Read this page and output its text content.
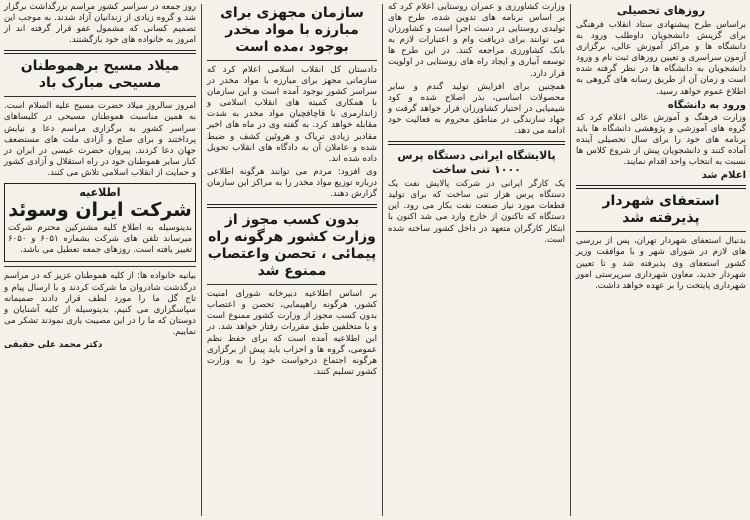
روزهای تحصیلی

براساس طرح پیشنهادی ستاد انقلاب فرهنگی برای گزینش دانشجویان داوطلب ورود به دانشگاه ها و مراکز آموزش عالی، برگزاری آزمون سراسری و تعیین روزهای ثبت نام و ورود دانشجویان به دانشگاه ها در نظر گرفته شده است و زمان آن از طریق رسانه های گروهی به اطلاع عموم خواهد رسید.

ورود به دانشگاه

وزارت فرهنگ و آموزش عالی اعلام کرد که گروه های آموزشی و پژوهشی دانشگاه ها باید برنامه های خود را برای سال تحصیلی آینده آماده کنند و دانشجویان پیش از شروع کلاس ها نسبت به انتخاب واحد اقدام نمایند.

اعلام شد
استعفای شهردار پذیرفته شد

بدنبال استعفای شهردار تهران، پس از بررسی های لازم در شورای شهر و با موافقت وزیر کشور استعفای وی پذیرفته شد و تا تعیین شهردار جدید، معاون شهرداری سرپرستی امور شهرداری پایتخت را بر عهده خواهد داشت.

وزارت کشاورزی و عمران روستایی اعلام کرد که بر اساس برنامه های تدوین شده، طرح های تولیدی روستایی در دست اجرا است و کشاورزان می توانند برای دریافت وام و اعتبارات لازم به بانک کشاورزی مراجعه کنند. در این طرح ها توسعه آبیاری و ایجاد راه های روستایی در اولویت قرار دارد.

همچنین برای افزایش تولید گندم و سایر محصولات اساسی، بذر اصلاح شده و کود شیمیایی در اختیار کشاورزان قرار خواهد گرفت و جهاد سازندگی در مناطق محروم به فعالیت خود ادامه می دهد.

پالایشگاه ایرانی دستگاه پرس ۱۰۰۰ تنی ساخت

یک کارگر ایرانی در شرکت پالایش نفت یک دستگاه پرس هزار تنی ساخت که برای تولید قطعات مورد نیاز صنعت نفت بکار می رود. این دستگاه که تاکنون از خارج وارد می شد اکنون با ابتکار کارگران متعهد در داخل کشور ساخته شده است.

سازمان مجهزی برای مبارزه با مواد مخدر بوجود ،مده است

دادستان کل انقلاب اسلامی اعلام کرد که سازمانی مجهز برای مبارزه با مواد مخدر در سراسر کشور بوجود آمده است و این سازمان با همکاری کمیته های انقلاب اسلامی و ژاندارمری با قاچاقچیان مواد مخدر به شدت مقابله خواهد کرد. به گفته وی در ماه های اخیر مقادیر زیادی تریاک و هروئین کشف و ضبط شده و عاملان آن به دادگاه های انقلاب تحویل داده شده اند.

وی افزود: مردم می توانند هرگونه اطلاعی درباره توزیع مواد مخدر را به مراکز این سازمان گزارش دهند.

بدون کسب مجوز از وزارت کشور هرگونه راه پیمائی ، تحصن واعتصاب ممنوع شد

بر اساس اطلاعیه دبیرخانه شورای امنیت کشور، هرگونه راهپیمایی، تحصن و اعتصاب بدون کسب مجوز از وزارت کشور ممنوع است و با متخلفین طبق مقررات رفتار خواهد شد. در این اطلاعیه آمده است که برای حفظ نظم عمومی، گروه ها و احزاب باید پیش از برگزاری هرگونه اجتماع درخواست خود را به وزارت کشور تسلیم کنند.

روز جمعه در سراسر کشور مراسم بزرگداشت برگزار شد و گروه زیادی از زندانیان آزاد شدند. به موجب این تصمیم کسانی که مشمول عفو قرار گرفته اند از امروز به خانواده های خود بازگشتند.

میلاد مسیح برهموطنان مسیحی مبارک باد

امروز سالروز میلاد حضرت مسیح علیه السلام است. به همین مناسبت هموطنان مسیحی در کلیساهای سراسر کشور به برگزاری مراسم دعا و نیایش پرداختند و برای صلح و آزادی ملت های مستضعف جهان دعا کردند. پیروان حضرت عیسی در ایران در کنار سایر هموطنان خود در راه استقلال و آزادی کشور و حمایت از انقلاب اسلامی تلاش می کنند.

اطلاعیه
شرکت ایران وسوئد

بدینوسیله به اطلاع کلیه مشترکین محترم شرکت میرساند تلفن های شرکت بشماره ۶۰۵۱ و ۶۰۵۰ تغییر یافته است. روزهای جمعه تعطیل می باشد.

بیانیه خانواده ها: از کلیه هموطنان عزیز که در مراسم درگذشت شادروان ما شرکت کردند و با ارسال پیام و تاج گل ما را مورد لطف قرار دادند صمیمانه سپاسگزاری می کنیم. بدینوسیله از کلیه آشنایان و دوستان که ما را در این مصیبت یاری نمودند تشکر می نماییم.

دکتر محمد علی حقیقی
